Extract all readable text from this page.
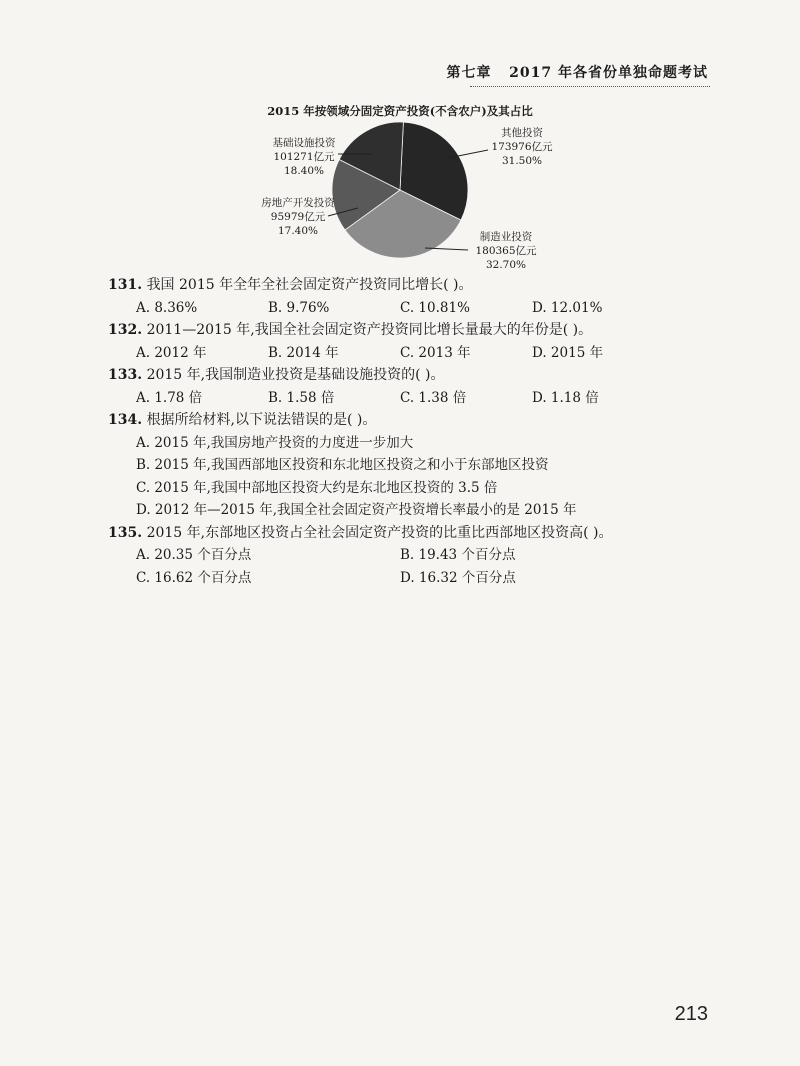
第七章 2017 年各省份单独命题考试
2015 年按领域分固定资产投资(不含农户)及其占比
其他投资
173976亿元
31.50%
制造业投资
180365亿元
32.70%
房地产开发投资
95979亿元
17.40%
基础设施投资
101271亿元
18.40%
131. 我国 2015 年全年全社会固定资产投资同比增长( )。
A. 8.36%	B. 9.76%	C. 10.81%	D. 12.01%
132. 2011—2015 年,我国全社会固定资产投资同比增长量最大的年份是( )。
A. 2012 年	B. 2014 年	C. 2013 年	D. 2015 年
133. 2015 年,我国制造业投资是基础设施投资的( )。
A. 1.78 倍	B. 1.58 倍	C. 1.38 倍	D. 1.18 倍
134. 根据所给材料,以下说法错误的是( )。
A. 2015 年,我国房地产投资的力度进一步加大
B. 2015 年,我国西部地区投资和东北地区投资之和小于东部地区投资
C. 2015 年,我国中部地区投资大约是东北地区投资的 3.5 倍
D. 2012 年—2015 年,我国全社会固定资产投资增长率最小的是 2015 年
135. 2015 年,东部地区投资占全社会固定资产投资的比重比西部地区投资高( )。
A. 20.35 个百分点	B. 19.43 个百分点
C. 16.62 个百分点	D. 16.32 个百分点
213
